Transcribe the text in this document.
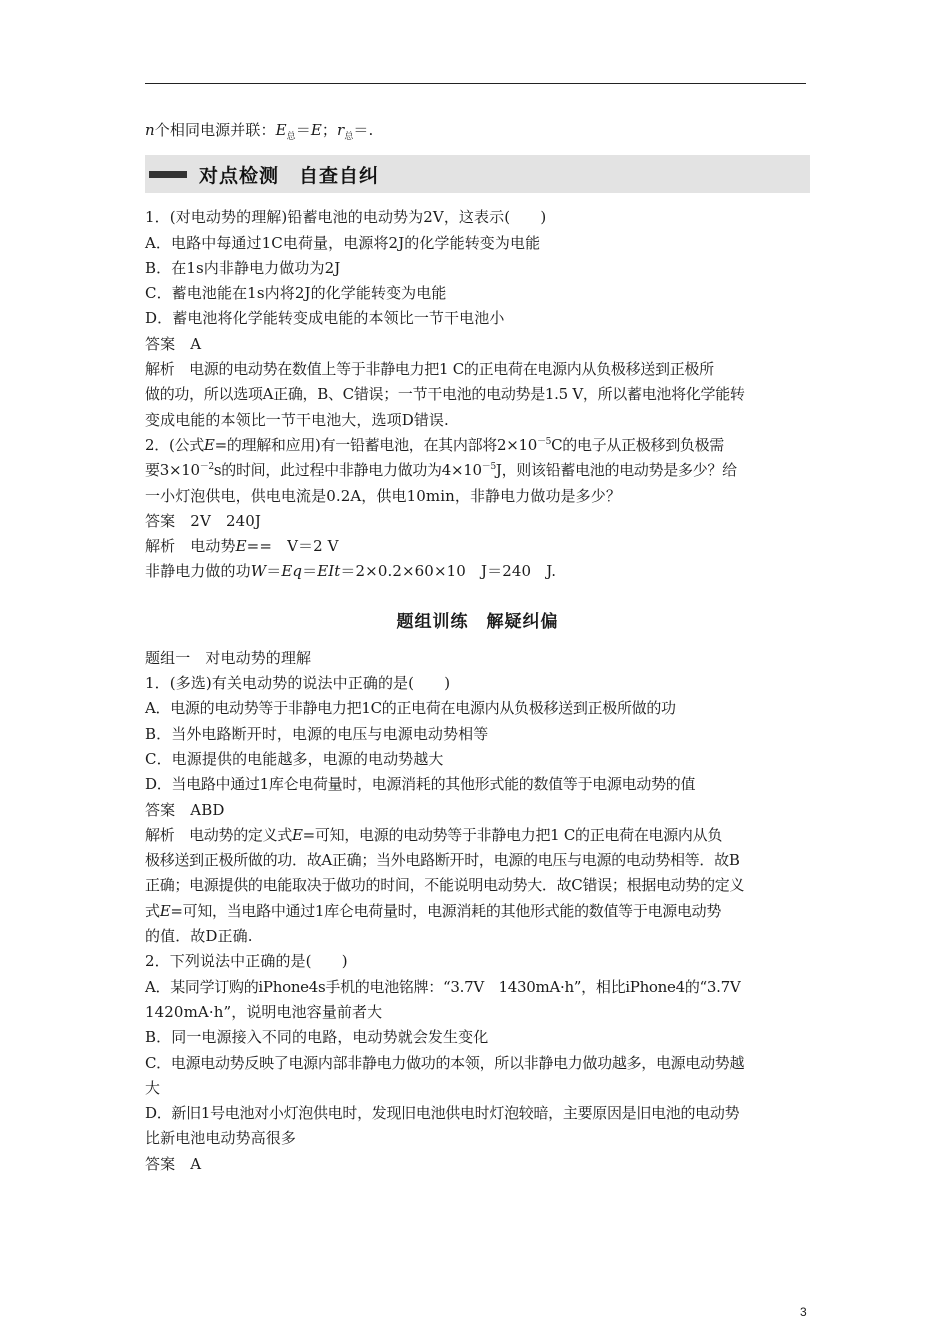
n个相同电源并联：$E_总=E$；$r_总=$.
对点检测　自查自纠
1．(对电动势的理解)铅蓄电池的电动势为2V，这表示(　　)
A．电路中每通过1C电荷量，电源将2J的化学能转变为电能
B．在1s内非静电力做功为2J
C．蓄电池能在1s内将2J的化学能转变为电能
D．蓄电池将化学能转变成电能的本领比一节干电池小
答案　A
解析　电源的电动势在数值上等于非静电力把1 C的正电荷在电源内从负极移送到正极所
做的功，所以选项A正确，B、C错误；一节干电池的电动势是1.5 V，所以蓄电池将化学能转
变成电能的本领比一节干电池大，选项D错误.
2．(公式E=的理解和应用)有一铅蓄电池，在其内部将$2\times 10^{-5}C$的电子从正极移到负极需
要$3\times 10^{-2}s$的时间，此过程中非静电力做功为$4\times 10^{-5}J$，则该铅蓄电池的电动势是多少？给
一小灯泡供电，供电电流是0.2A，供电10min，非静电力做功是多少？
答案　2V　240J
解析　电动势E==　V＝2 V
非静电力做的功W＝Eq＝EIt＝2×0.2×60×10　J＝240　J.
题组训练　解疑纠偏
题组一　对电动势的理解
1．(多选)有关电动势的说法中正确的是(　　)
A．电源的电动势等于非静电力把1C的正电荷在电源内从负极移送到正极所做的功
B．当外电路断开时，电源的电压与电源电动势相等
C．电源提供的电能越多，电源的电动势越大
D．当电路中通过1库仑电荷量时，电源消耗的其他形式能的数值等于电源电动势的值
答案　ABD
解析　电动势的定义式E=可知，电源的电动势等于非静电力把1 C的正电荷在电源内从负
极移送到正极所做的功．故A正确；当外电路断开时，电源的电压与电源的电动势相等．故B
正确；电源提供的电能取决于做功的时间，不能说明电动势大．故C错误；根据电动势的定义
式E=可知，当电路中通过1库仑电荷量时，电源消耗的其他形式能的数值等于电源电动势
的值．故D正确.
2．下列说法中正确的是(　　)
A．某同学订购的iPhone4s手机的电池铭牌：“3.7V　1430mA·h”，相比iPhone4的“3.7V
1420mA·h”，说明电池容量前者大
B．同一电源接入不同的电路，电动势就会发生变化
C．电源电动势反映了电源内部非静电力做功的本领，所以非静电力做功越多，电源电动势越
大
D．新旧1号电池对小灯泡供电时，发现旧电池供电时灯泡较暗，主要原因是旧电池的电动势
比新电池电动势高很多
答案　A
3
